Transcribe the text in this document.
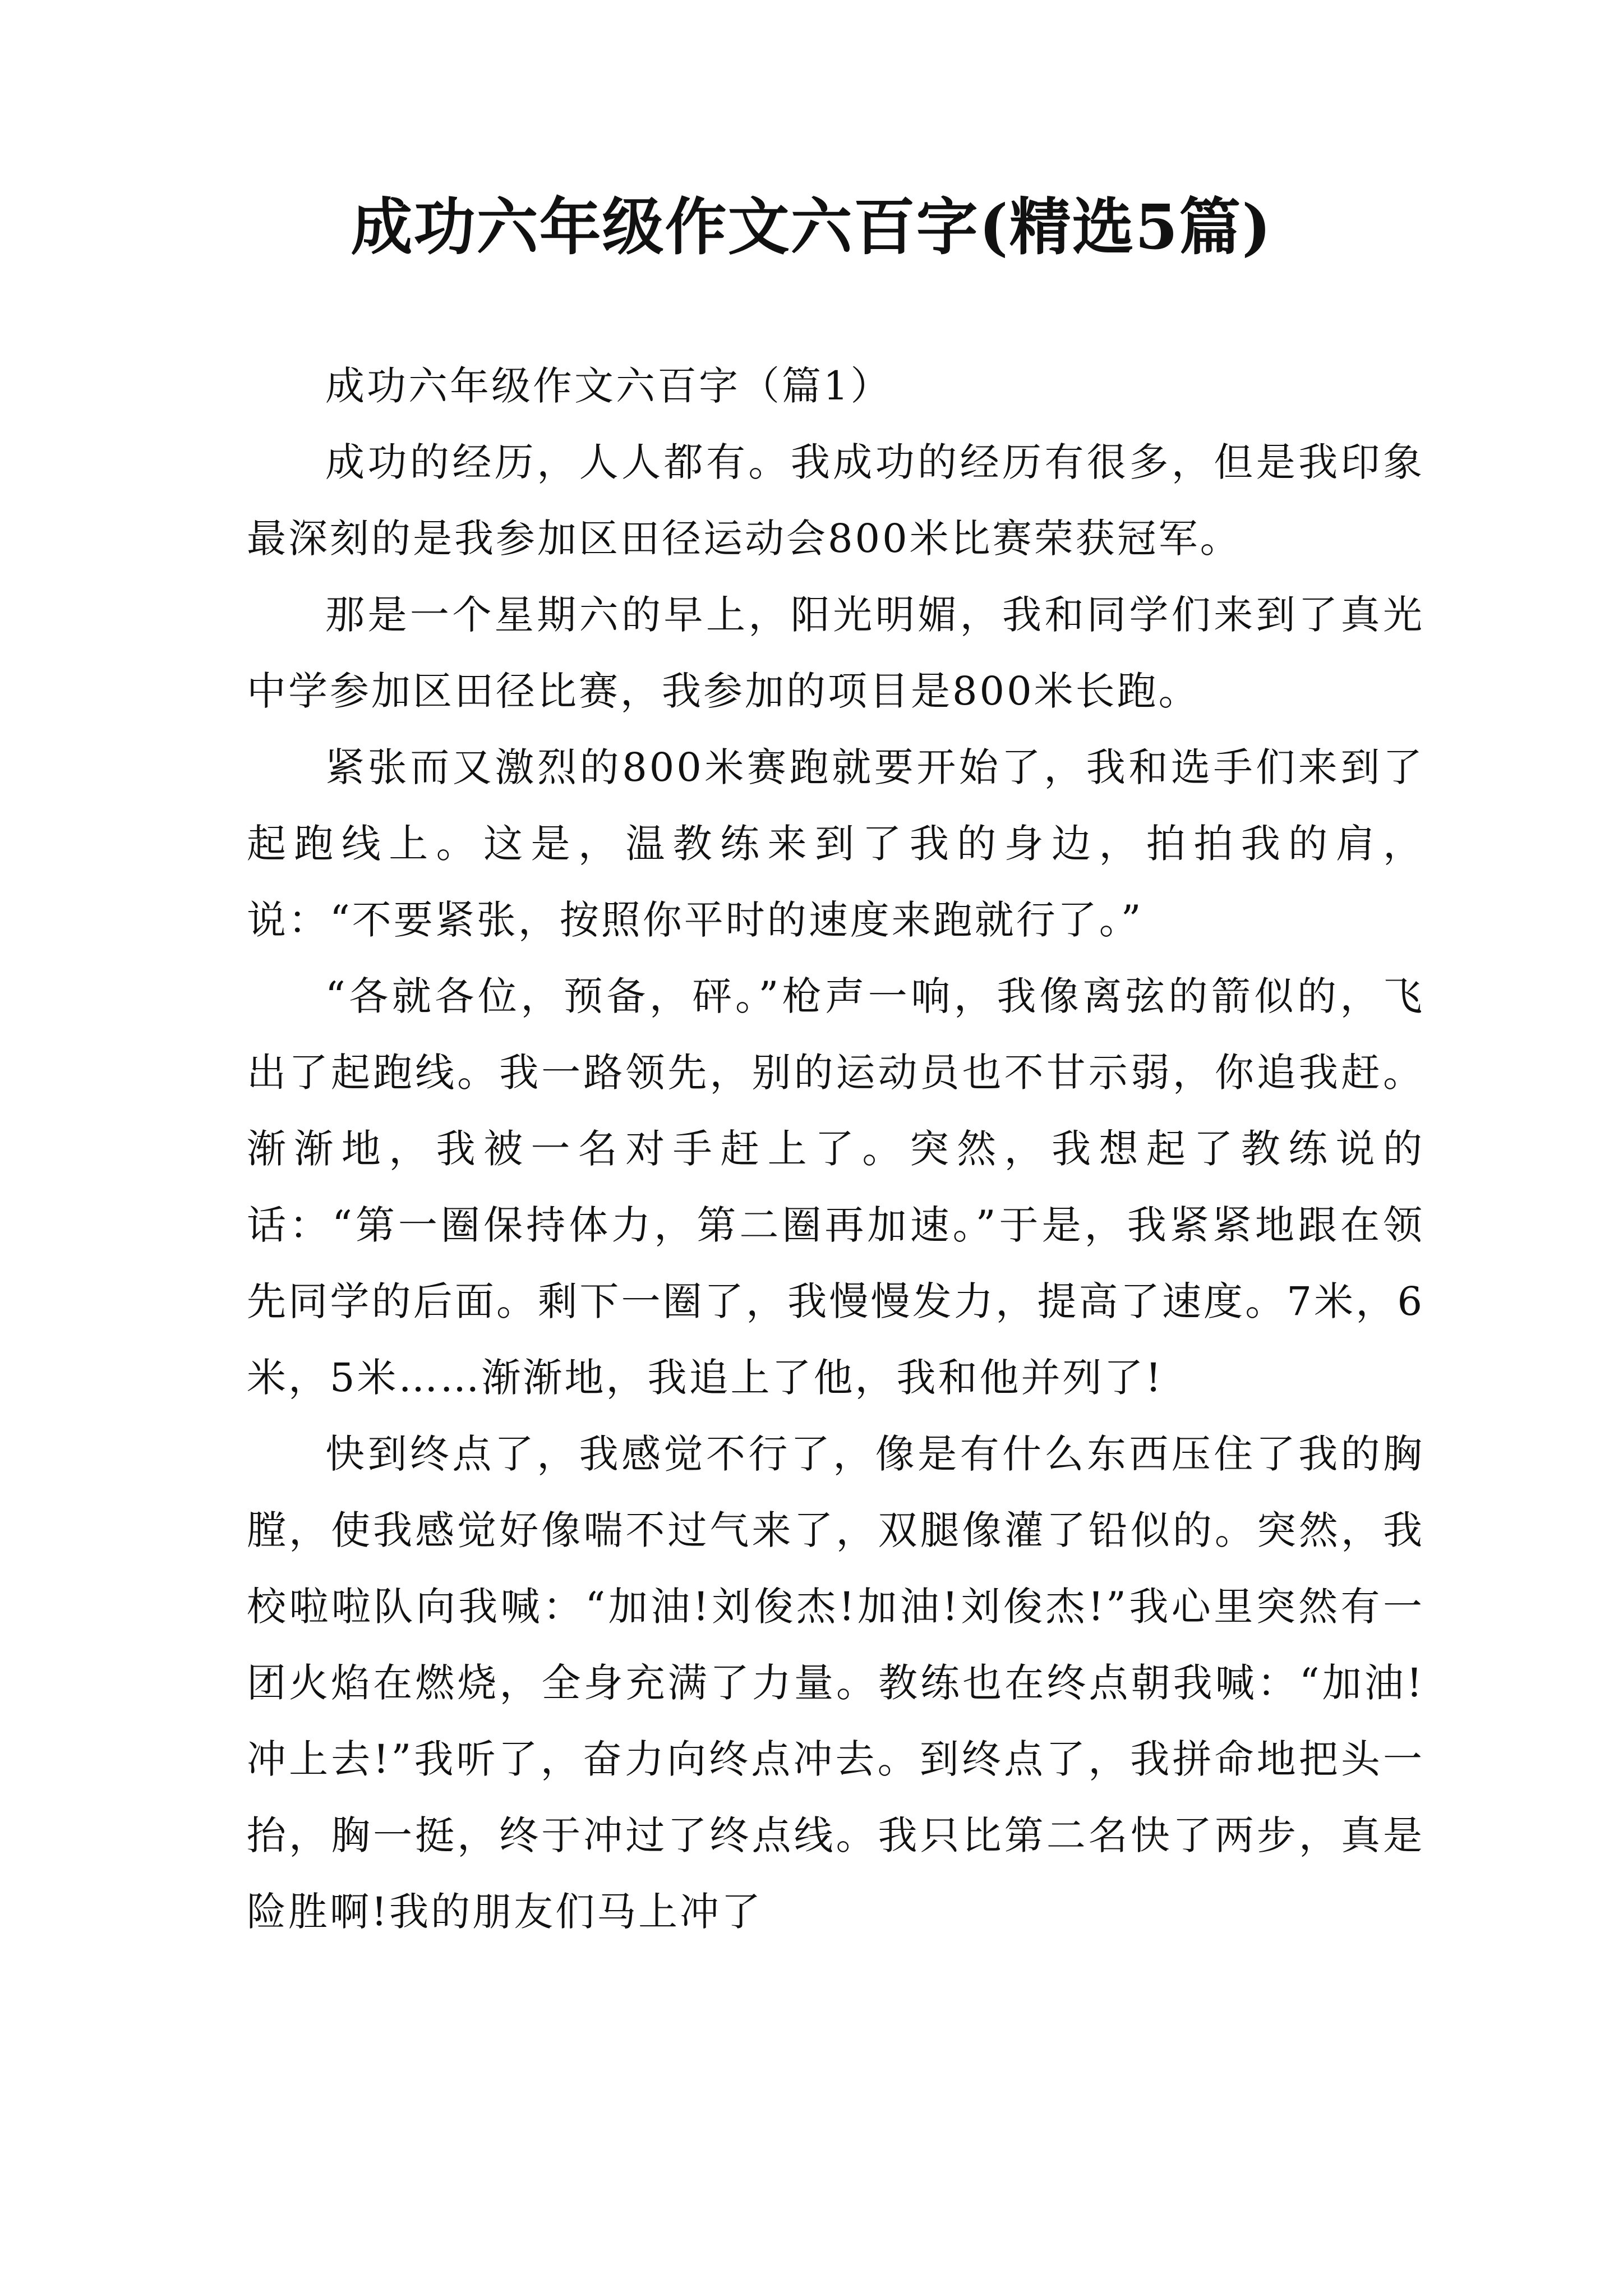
成功六年级作文六百字(精选5篇)

成功六年级作文六百字（篇1）

成功的经历，人人都有。我成功的经历有很多，但是我印象最深刻的是我参加区田径运动会800米比赛荣获冠军。

那是一个星期六的早上，阳光明媚，我和同学们来到了真光中学参加区田径比赛，我参加的项目是800米长跑。

紧张而又激烈的800米赛跑就要开始了，我和选手们来到了起跑线上。这是，温教练来到了我的身边，拍拍我的肩，说：“不要紧张，按照你平时的速度来跑就行了。”

“各就各位，预备，砰。”枪声一响，我像离弦的箭似的，飞出了起跑线。我一路领先，别的运动员也不甘示弱，你追我赶。渐渐地，我被一名对手赶上了。突然，我想起了教练说的话：“第一圈保持体力，第二圈再加速。”于是，我紧紧地跟在领先同学的后面。剩下一圈了，我慢慢发力，提高了速度。7米，6米，5米……渐渐地，我追上了他，我和他并列了!

快到终点了，我感觉不行了，像是有什么东西压住了我的胸膛，使我感觉好像喘不过气来了，双腿像灌了铅似的。突然，我校啦啦队向我喊：“加油!刘俊杰!加油!刘俊杰!”我心里突然有一团火焰在燃烧，全身充满了力量。教练也在终点朝我喊：“加油!冲上去!”我听了，奋力向终点冲去。到终点了，我拼命地把头一抬，胸一挺，终于冲过了终点线。我只比第二名快了两步，真是险胜啊!我的朋友们马上冲了
